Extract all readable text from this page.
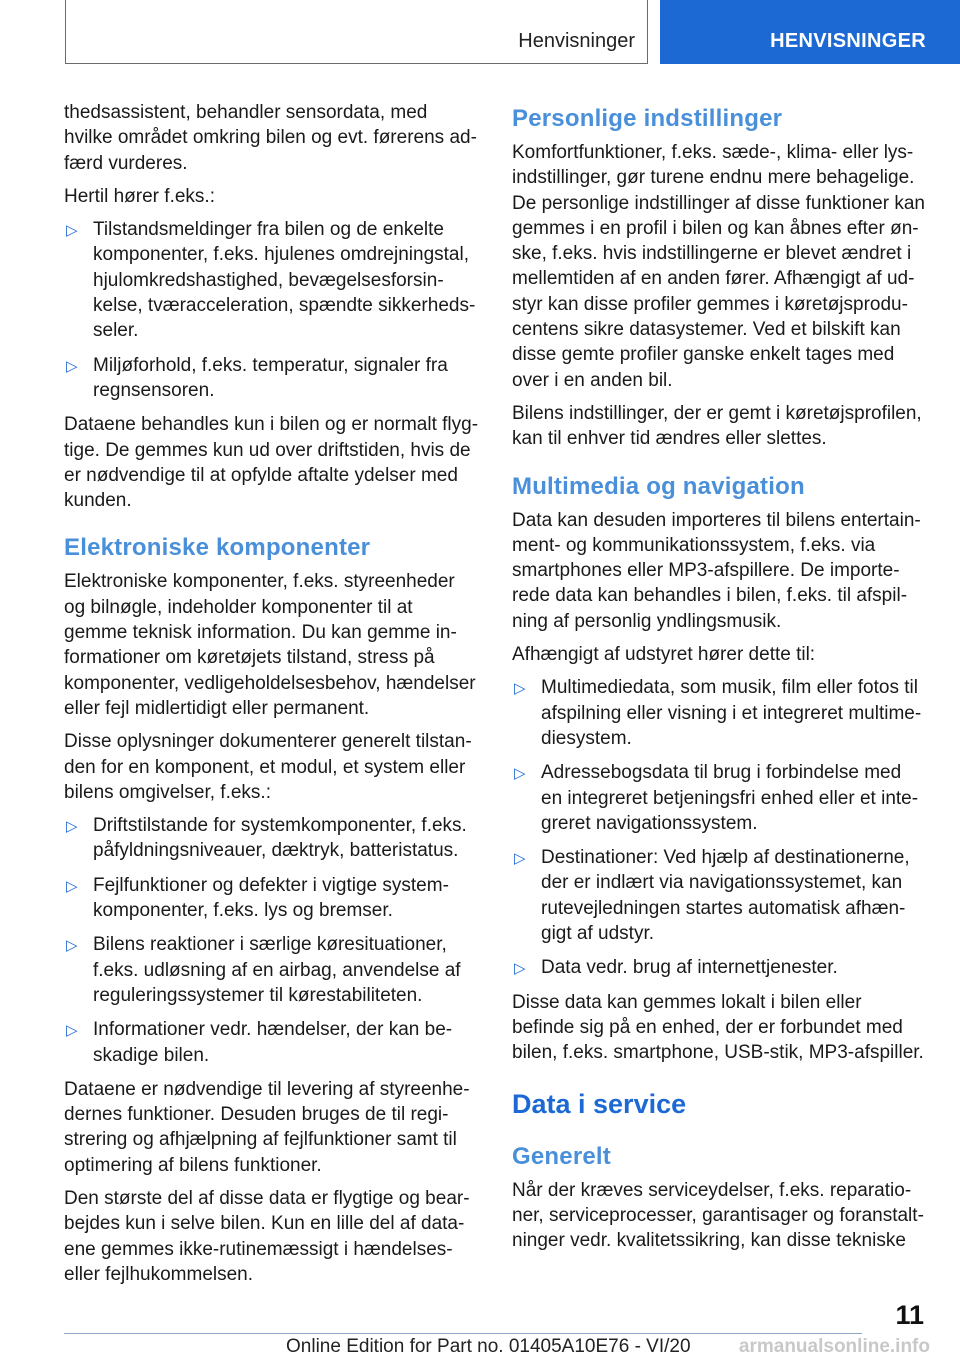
Henvisninger	HENVISNINGER

thedsassistent, behandler sensordata, med hvilke området omkring bilen og evt. førerens adfærd vurderes.

Hertil hører f.eks.:

▷ Tilstandsmeldinger fra bilen og de enkelte komponenter, f.eks. hjulenes omdrejningstal, hjulomkredshastighed, bevægelsesforsinkelse, tværacceleration, spændte sikkerhedsseler.
▷ Miljøforhold, f.eks. temperatur, signaler fra regnsensoren.

Dataene behandles kun i bilen og er normalt flygtige. De gemmes kun ud over driftstiden, hvis de er nødvendige til at opfylde aftalte ydelser med kunden.

Elektroniske komponenter

Elektroniske komponenter, f.eks. styreenheder og bilnøgle, indeholder komponenter til at gemme teknisk information. Du kan gemme informationer om køretøjets tilstand, stress på komponenter, vedligeholdelsesbehov, hændelser eller fejl midlertidigt eller permanent.

Disse oplysninger dokumenterer generelt tilstanden for en komponent, et modul, et system eller bilens omgivelser, f.eks.:

▷ Driftstilstande for systemkomponenter, f.eks. påfyldningsniveauer, dæktryk, batteristatus.
▷ Fejlfunktioner og defekter i vigtige systemkomponenter, f.eks. lys og bremser.
▷ Bilens reaktioner i særlige køresituationer, f.eks. udløsning af en airbag, anvendelse af reguleringssystemer til kørestabiliteten.
▷ Informationer vedr. hændelser, der kan beskadige bilen.

Dataene er nødvendige til levering af styreenhedernes funktioner. Desuden bruges de til registrering og afhjælpning af fejlfunktioner samt til optimering af bilens funktioner.

Den største del af disse data er flygtige og bearbejdes kun i selve bilen. Kun en lille del af dataene gemmes ikke-rutinemæssigt i hændelses- eller fejlhukommelsen.

Personlige indstillinger

Komfortfunktioner, f.eks. sæde-, klima- eller lysindstillinger, gør turene endnu mere behagelige. De personlige indstillinger af disse funktioner kan gemmes i en profil i bilen og kan åbnes efter ønske, f.eks. hvis indstillingerne er blevet ændret i mellemtiden af en anden fører. Afhængigt af udstyr kan disse profiler gemmes i køretøjsproducentens sikre datasystemer. Ved et bilskift kan disse gemte profiler ganske enkelt tages med over i en anden bil.

Bilens indstillinger, der er gemt i køretøjsprofilen, kan til enhver tid ændres eller slettes.

Multimedia og navigation

Data kan desuden importeres til bilens entertainment- og kommunikationssystem, f.eks. via smartphones eller MP3-afspillere. De importerede data kan behandles i bilen, f.eks. til afspilning af personlig yndlingsmusik.

Afhængigt af udstyret hører dette til:

▷ Multimediedata, som musik, film eller fotos til afspilning eller visning i et integreret multimediesystem.
▷ Adressebogsdata til brug i forbindelse med en integreret betjeningsfri enhed eller et integreret navigationssystem.
▷ Destinationer: Ved hjælp af destinationerne, der er indlært via navigationssystemet, kan rutevejledningen startes automatisk afhængigt af udstyr.
▷ Data vedr. brug af internettjenester.

Disse data kan gemmes lokalt i bilen eller befinde sig på en enhed, der er forbundet med bilen, f.eks. smartphone, USB-stik, MP3-afspiller.

Data i service
Generelt

Når der kræves serviceydelser, f.eks. reparationer, serviceprocesser, garantisager og foranstaltninger vedr. kvalitetssikring, kan disse tekniske

11
Online Edition for Part no. 01405A10E76 - VI/20	armanualsonline.info
